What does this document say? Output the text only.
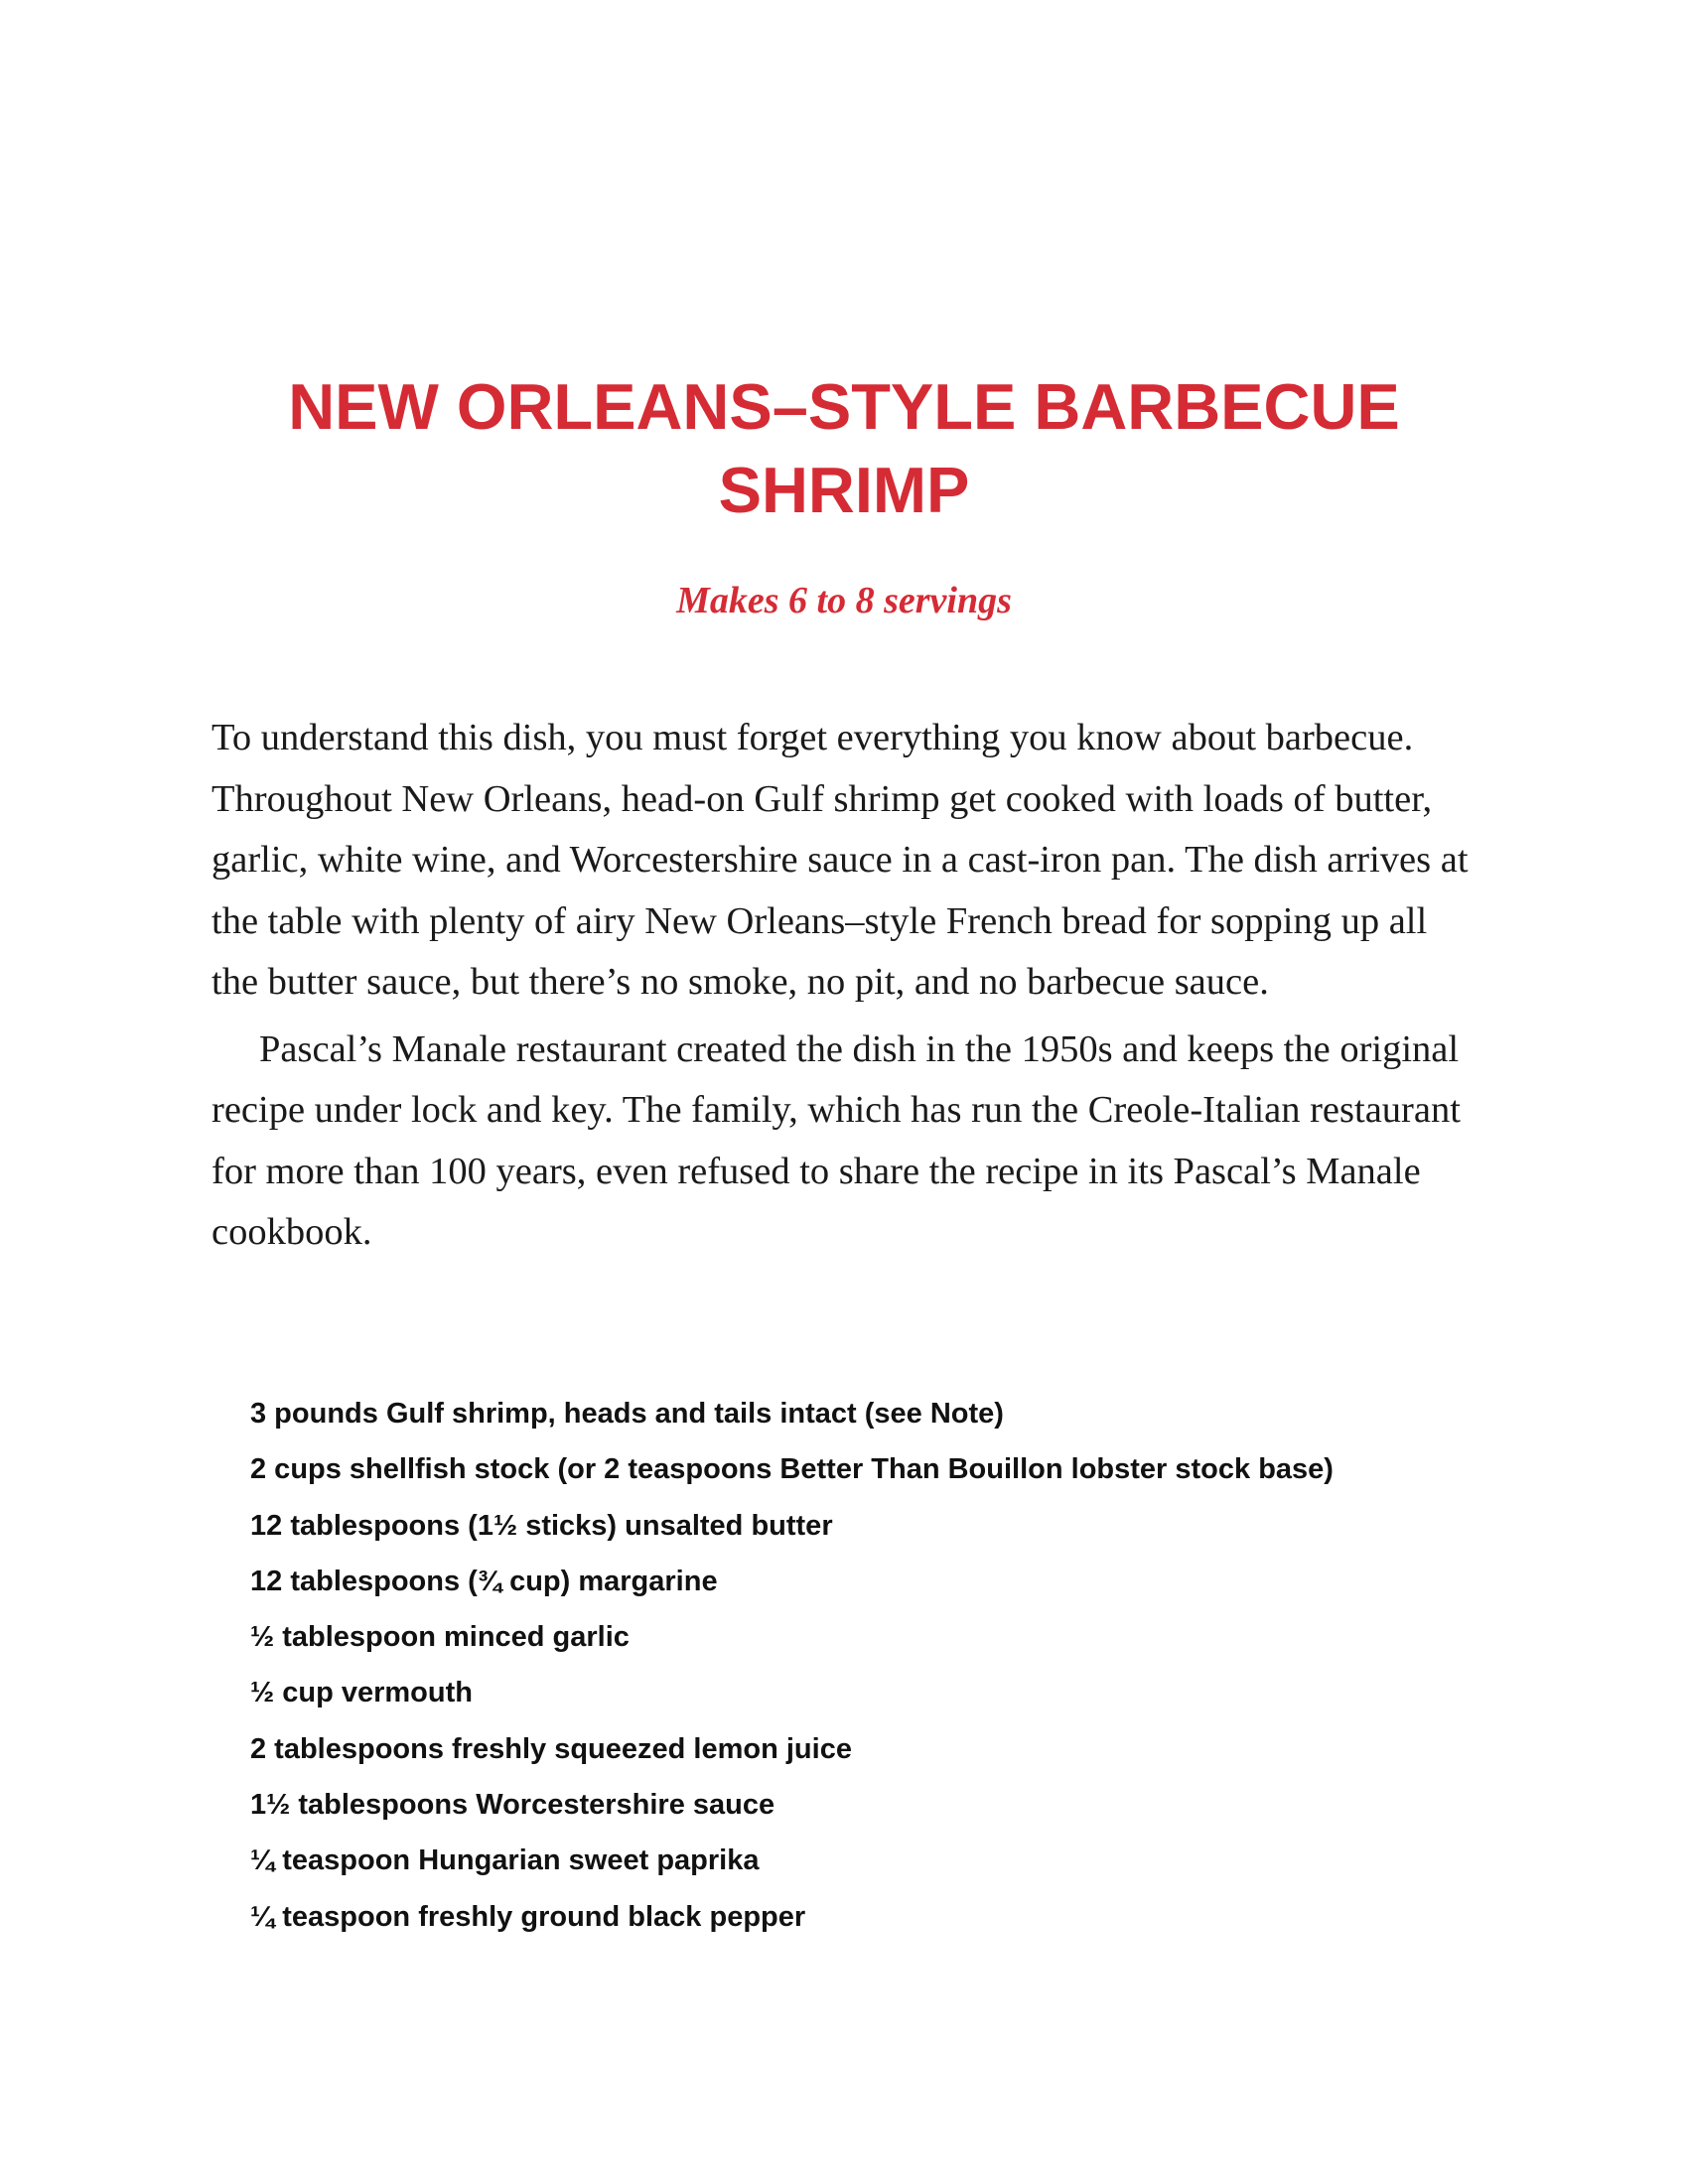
NEW ORLEANS–STYLE BARBECUE SHRIMP
Makes 6 to 8 servings

To understand this dish, you must forget everything you know about barbecue. Throughout New Orleans, head-on Gulf shrimp get cooked with loads of butter, garlic, white wine, and Worcestershire sauce in a cast-iron pan. The dish arrives at the table with plenty of airy New Orleans–style French bread for sopping up all the butter sauce, but there’s no smoke, no pit, and no barbecue sauce.

Pascal’s Manale restaurant created the dish in the 1950s and keeps the original recipe under lock and key. The family, which has run the Creole-Italian restaurant for more than 100 years, even refused to share the recipe in its Pascal’s Manale cookbook.

3 pounds Gulf shrimp, heads and tails intact (see Note)
2 cups shellfish stock (or 2 teaspoons Better Than Bouillon lobster stock base)
12 tablespoons (1½ sticks) unsalted butter
12 tablespoons (¾ cup) margarine
½ tablespoon minced garlic
½ cup vermouth
2 tablespoons freshly squeezed lemon juice
1½ tablespoons Worcestershire sauce
¼ teaspoon Hungarian sweet paprika
¼ teaspoon freshly ground black pepper
